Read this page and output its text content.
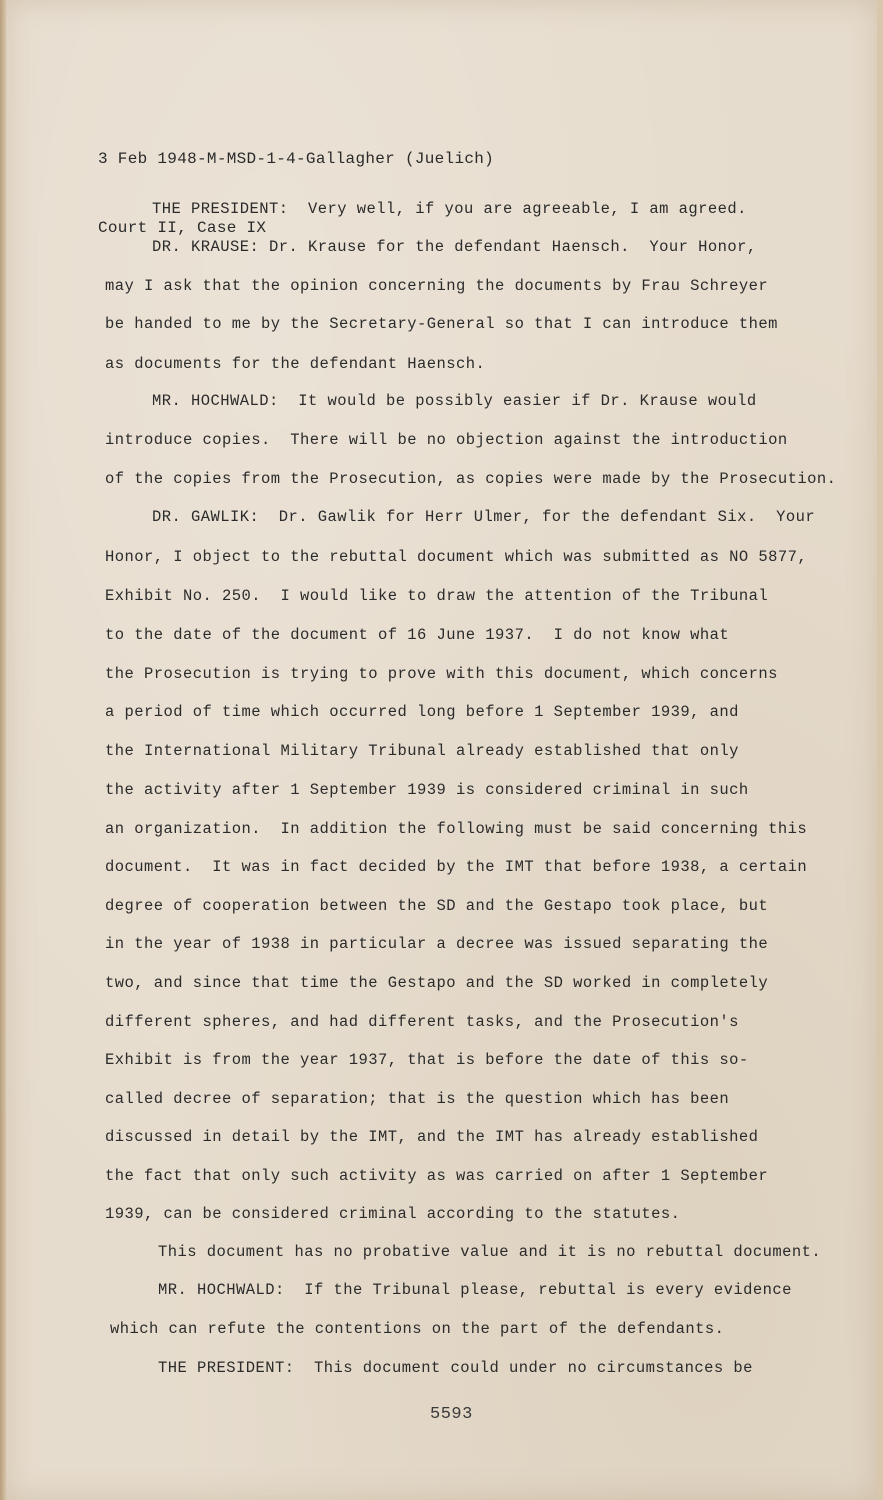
3 Feb 1948-M-MSD-1-4-Gallagher (Juelich)

Court II, Case IX

THE PRESIDENT:  Very well, if you are agreeable, I am agreed.
DR. KRAUSE: Dr. Krause for the defendant Haensch.  Your Honor,
may I ask that the opinion concerning the documents by Frau Schreyer
be handed to me by the Secretary-General so that I can introduce them
as documents for the defendant Haensch.
MR. HOCHWALD:  It would be possibly easier if Dr. Krause would
introduce copies.  There will be no objection against the introduction
of the copies from the Prosecution, as copies were made by the Prosecution.
DR. GAWLIK:  Dr. Gawlik for Herr Ulmer, for the defendant Six.  Your
Honor, I object to the rebuttal document which was submitted as NO 5877,
Exhibit No. 250.  I would like to draw the attention of the Tribunal
to the date of the document of 16 June 1937.  I do not know what
the Prosecution is trying to prove with this document, which concerns
a period of time which occurred long before 1 September 1939, and
the International Military Tribunal already established that only
the activity after 1 September 1939 is considered criminal in such
an organization.  In addition the following must be said concerning this
document.  It was in fact decided by the IMT that before 1938, a certain
degree of cooperation between the SD and the Gestapo took place, but
in the year of 1938 in particular a decree was issued separating the
two, and since that time the Gestapo and the SD worked in completely
different spheres, and had different tasks, and the Prosecution's
Exhibit is from the year 1937, that is before the date of this so-
called decree of separation; that is the question which has been
discussed in detail by the IMT, and the IMT has already established
the fact that only such activity as was carried on after 1 September
1939, can be considered criminal according to the statutes.
This document has no probative value and it is no rebuttal document.
MR. HOCHWALD:  If the Tribunal please, rebuttal is every evidence
which can refute the contentions on the part of the defendants.
THE PRESIDENT:  This document could under no circumstances be
5593
